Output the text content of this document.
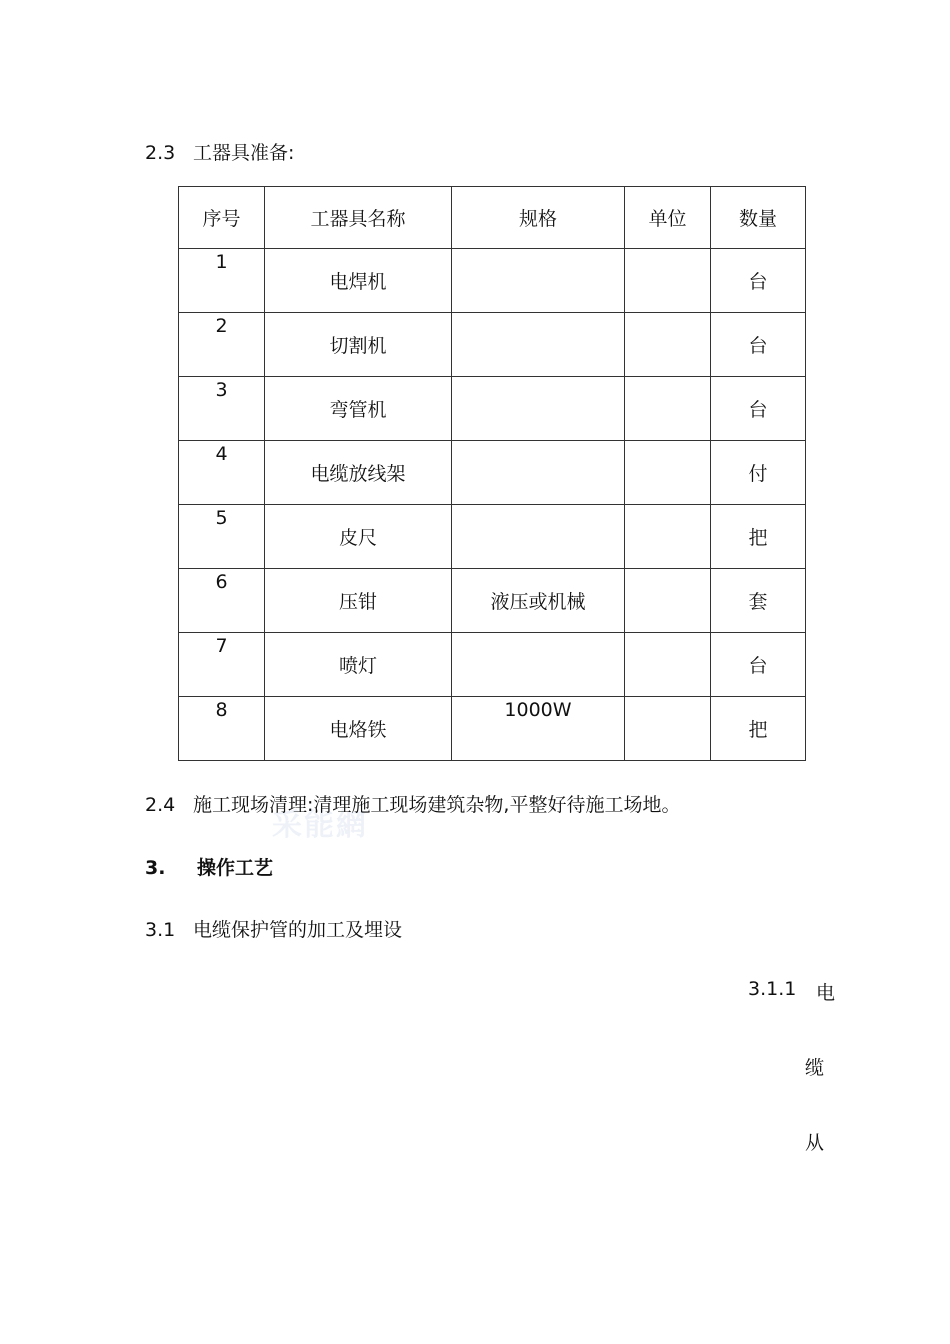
2.3 工器具准备:
序号	工器具名称	规格	单位	数量
1	电焊机			台
2	切割机			台
3	弯管机			台
4	电缆放线架			付
5	皮尺			把
6	压钳	液压或机械		套
7	喷灯			台
8	电烙铁	1000W		把
采能網
2.4 施工现场清理:清理施工现场建筑杂物,平整好待施工场地。
3. 操作工艺
3.1 电缆保护管的加工及埋设
3.1.1 电
缆
从
